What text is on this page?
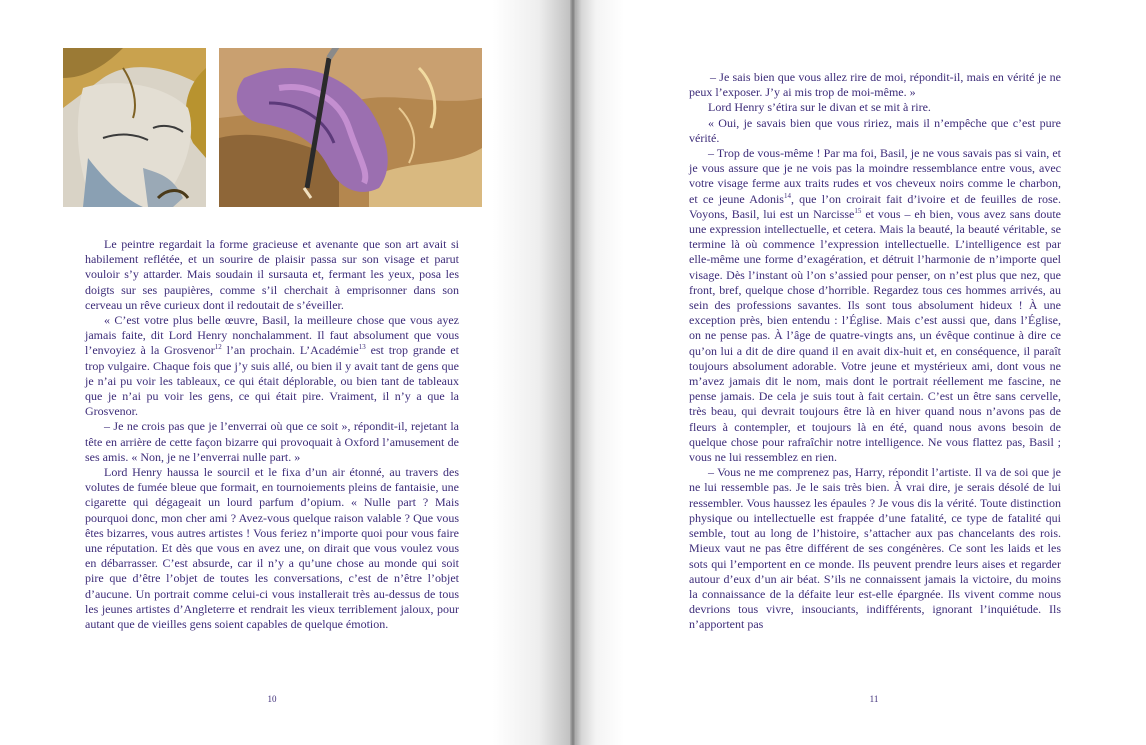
Le peintre regardait la forme gracieuse et avenante que son art avait si habilement reflétée, et un sourire de plaisir passa sur son visage et parut vouloir s’y attarder. Mais soudain il sursauta et, fermant les yeux, posa les doigts sur ses paupières, comme s’il cherchait à emprisonner dans son cerveau un rêve curieux dont il redoutait de s’éveiller.

« C’est votre plus belle œuvre, Basil, la meilleure chose que vous ayez jamais faite, dit Lord Henry nonchalamment. Il faut absolument que vous l’envoyiez à la Grosvenor$^{12}$ l’an prochain. L’Académie$^{13}$ est trop grande et trop vulgaire. Chaque fois que j’y suis allé, ou bien il y avait tant de gens que je n’ai pu voir les tableaux, ce qui était déplorable, ou bien tant de tableaux que je n’ai pu voir les gens, ce qui était pire. Vraiment, il n’y a que la Grosvenor.

– Je ne crois pas que je l’enverrai où que ce soit », répondit-il, rejetant la tête en arrière de cette façon bizarre qui provoquait à Oxford l’amusement de ses amis. « Non, je ne l’enverrai nulle part. »

Lord Henry haussa le sourcil et le fixa d’un air étonné, au travers des volutes de fumée bleue que formait, en tournoiements pleins de fantaisie, une cigarette qui dégageait un lourd parfum d’opium. « Nulle part ? Mais pourquoi donc, mon cher ami ? Avez-vous quelque raison valable ? Que vous êtes bizarres, vous autres artistes ! Vous feriez n’importe quoi pour vous faire une réputation. Et dès que vous en avez une, on dirait que vous voulez vous en débarrasser. C’est absurde, car il n’y a qu’une chose au monde qui soit pire que d’être l’objet de toutes les conversations, c’est de n’être l’objet d’aucune. Un portrait comme celui-ci vous installerait très au-dessus de tous les jeunes artistes d’Angleterre et rendrait les vieux terriblement jaloux, pour autant que de vieilles gens soient capables de quelque émotion.

10	11

– Je sais bien que vous allez rire de moi, répondit-il, mais en vérité je ne peux l’exposer. J’y ai mis trop de moi-même. »

Lord Henry s’étira sur le divan et se mit à rire.

« Oui, je savais bien que vous ririez, mais il n’empêche que c’est pure vérité.

– Trop de vous-même ! Par ma foi, Basil, je ne vous savais pas si vain, et je vous assure que je ne vois pas la moindre ressemblance entre vous, avec votre visage ferme aux traits rudes et vos cheveux noirs comme le charbon, et ce jeune Adonis$^{14}$, que l’on croirait fait d’ivoire et de feuilles de rose. Voyons, Basil, lui est un Narcisse$^{15}$ et vous – eh bien, vous avez sans doute une expression intellectuelle, et cetera. Mais la beauté, la beauté véritable, se termine là où commence l’expression intellectuelle. L’intelligence est par elle-même une forme d’exagération, et détruit l’harmonie de n’importe quel visage. Dès l’instant où l’on s’assied pour penser, on n’est plus que nez, que front, bref, quelque chose d’horrible. Regardez tous ces hommes arrivés, au sein des professions savantes. Ils sont tous absolument hideux ! À une exception près, bien entendu : l’Église. Mais c’est aussi que, dans l’Église, on ne pense pas. À l’âge de quatre-vingts ans, un évêque continue à dire ce qu’on lui a dit de dire quand il en avait dix-huit et, en conséquence, il paraît toujours absolument adorable. Votre jeune et mystérieux ami, dont vous ne m’avez jamais dit le nom, mais dont le portrait réellement me fascine, ne pense jamais. De cela je suis tout à fait certain. C’est un être sans cervelle, très beau, qui devrait toujours être là en hiver quand nous n’avons pas de fleurs à contempler, et toujours là en été, quand nous avons besoin de quelque chose pour rafraîchir notre intelligence. Ne vous flattez pas, Basil ; vous ne lui ressemblez en rien.

– Vous ne me comprenez pas, Harry, répondit l’artiste. Il va de soi que je ne lui ressemble pas. Je le sais très bien. À vrai dire, je serais désolé de lui ressembler. Vous haussez les épaules ? Je vous dis la vérité. Toute distinction physique ou intellectuelle est frappée d’une fatalité, ce type de fatalité qui semble, tout au long de l’histoire, s’attacher aux pas chancelants des rois. Mieux vaut ne pas être différent de ses congénères. Ce sont les laids et les sots qui l’emportent en ce monde. Ils peuvent prendre leurs aises et regarder autour d’eux d’un air béat. S’ils ne connaissent jamais la victoire, du moins la connaissance de la défaite leur est-elle épargnée. Ils vivent comme nous devrions tous vivre, insouciants, indifférents, ignorant l’inquiétude. Ils n’apportent pas
